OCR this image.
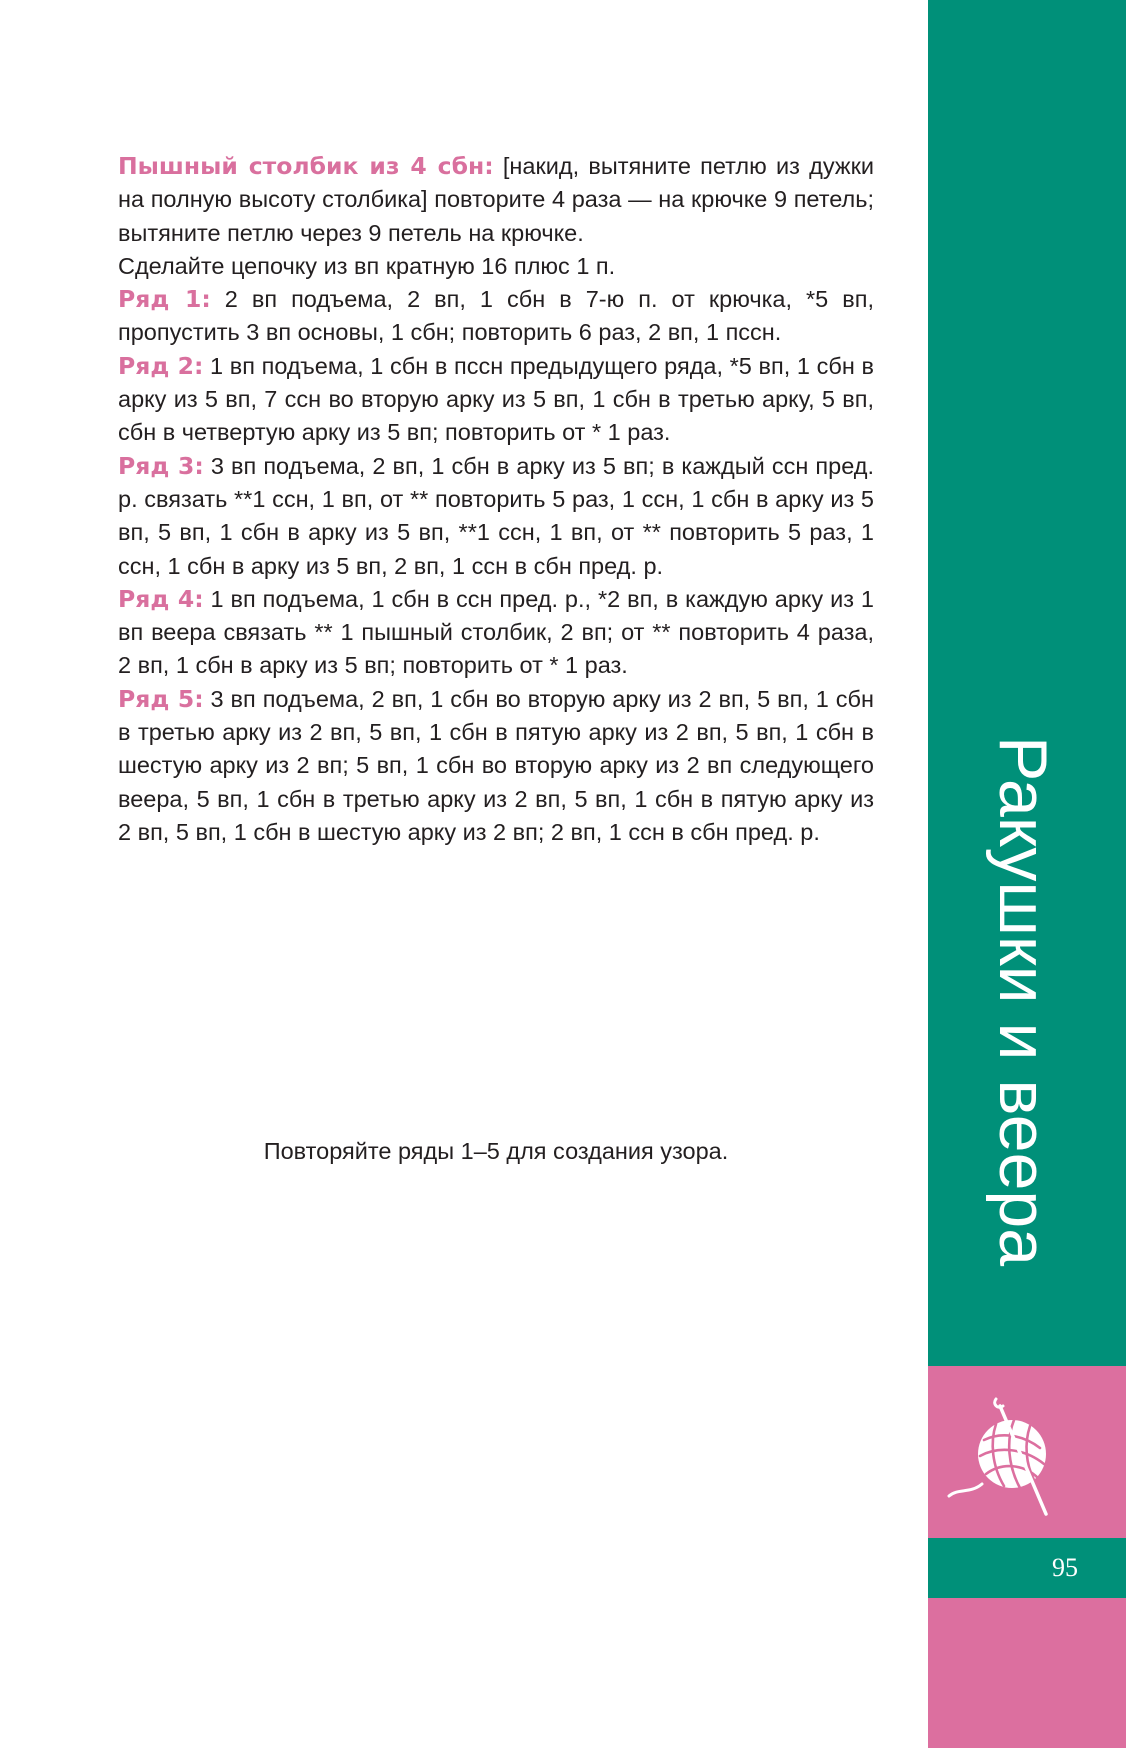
Пышный столбик из 4 сбн: [накид, вытяните петлю из дужки на полную высоту столбика] повторите 4 раза — на крючке 9 петель; вытяните петлю через 9 петель на крючке.

Сделайте цепочку из вп кратную 16 плюс 1 п.

Ряд 1: 2 вп подъема, 2 вп, 1 сбн в 7-ю п. от крючка, *5 вп, пропустить 3 вп основы, 1 сбн; повторить 6 раз, 2 вп, 1 пссн.

Ряд 2: 1 вп подъема, 1 сбн в пссн предыдущего ряда, *5 вп, 1 сбн в арку из 5 вп, 7 ссн во вторую арку из 5 вп, 1 сбн в третью арку, 5 вп, сбн в четвертую арку из 5 вп; повторить от * 1 раз.

Ряд 3: 3 вп подъема, 2 вп, 1 сбн в арку из 5 вп; в каждый ссн пред. р. связать **1 ссн, 1 вп, от ** повторить 5 раз, 1 ссн, 1 сбн в арку из 5 вп, 5 вп, 1 сбн в арку из 5 вп, **1 ссн, 1 вп, от ** повторить 5 раз, 1 ссн, 1 сбн в арку из 5 вп, 2 вп, 1 ссн в сбн пред. р.

Ряд 4: 1 вп подъема, 1 сбн в ссн пред. р., *2 вп, в каждую арку из 1 вп веера связать ** 1 пышный столбик, 2 вп; от ** повторить 4 раза, 2 вп, 1 сбн в арку из 5 вп; повторить от * 1 раз.

Ряд 5: 3 вп подъема, 2 вп, 1 сбн во вторую арку из 2 вп, 5 вп, 1 сбн в третью арку из 2 вп, 5 вп, 1 сбн в пятую арку из 2 вп, 5 вп, 1 сбн в шестую арку из 2 вп; 5 вп, 1 сбн во вторую арку из 2 вп следующего веера, 5 вп, 1 сбн в третью арку из 2 вп, 5 вп, 1 сбн в пятую арку из 2 вп, 5 вп, 1 сбн в шестую арку из 2 вп; 2 вп, 1 ссн в сбн пред. р.

Повторяйте ряды 1–5 для создания узора.	Ракушки и веера
95
